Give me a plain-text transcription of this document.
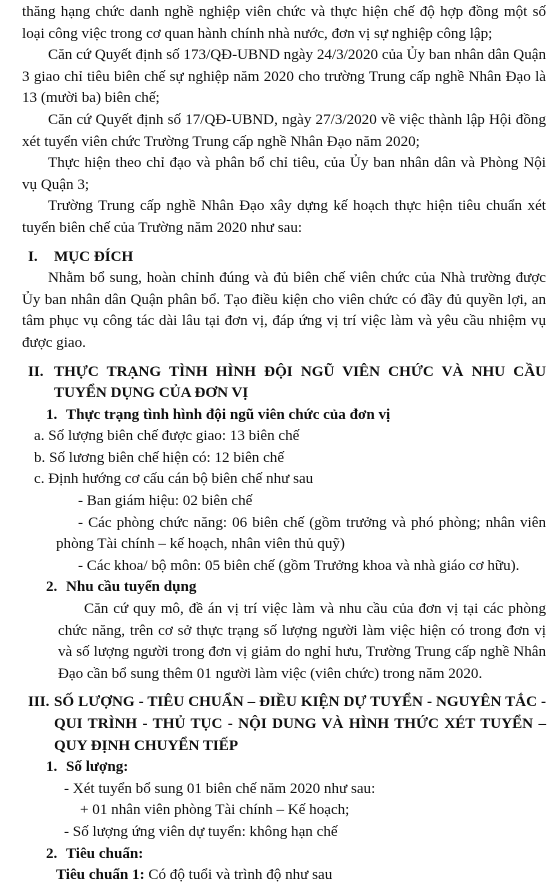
thăng hạng chức danh nghề nghiệp viên chức và thực hiện chế độ hợp đồng một số loại công việc trong cơ quan hành chính nhà nước, đơn vị sự nghiệp công lập;

Căn cứ Quyết định số 173/QĐ-UBND ngày 24/3/2020 của Ủy ban nhân dân Quận 3 giao chỉ tiêu biên chế sự nghiệp năm 2020 cho trường Trung cấp nghề Nhân Đạo là 13 (mười ba) biên chế;

Căn cứ Quyết định số 17/QĐ-UBND, ngày 27/3/2020 về việc thành lập Hội đồng xét tuyển viên chức Trường Trung cấp nghề Nhân Đạo năm 2020;

Thực hiện theo chỉ đạo và phân bổ chỉ tiêu, của Ủy ban nhân dân và Phòng Nội vụ Quận 3;

Trường Trung cấp nghề Nhân Đạo xây dựng kế hoạch thực hiện tiêu chuẩn xét tuyển biên chế của Trường năm 2020 như sau:

I.	MỤC ĐÍCH

Nhằm bổ sung, hoàn chỉnh đúng và đủ biên chế viên chức của Nhà trường được Ủy ban nhân dân Quận phân bổ. Tạo điều kiện cho viên chức có đầy đủ quyền lợi, an tâm phục vụ công tác dài lâu tại đơn vị, đáp ứng vị trí việc làm và yêu cầu nhiệm vụ được giao.

II. THỰC TRẠNG TÌNH HÌNH ĐỘI NGŨ VIÊN CHỨC VÀ NHU CẦU TUYỂN DỤNG CỦA ĐƠN VỊ

1. Thực trạng tình hình đội ngũ viên chức của đơn vị

a. Số lượng biên chế được giao: 13 biên chế

b. Số lương biên chế hiện có: 12 biên chế

c. Định hướng cơ cấu cán bộ biên chế như sau

- Ban giám hiệu: 02 biên chế

- Các phòng chức năng: 06 biên chế (gồm trưởng và phó phòng; nhân viên phòng Tài chính – kế hoạch, nhân viên thủ quỹ)

- Các khoa/ bộ môn: 05 biên chế (gồm Trưởng khoa và nhà giáo cơ hữu).

2. Nhu cầu tuyển dụng

Căn cứ quy mô, đề án vị trí việc làm và nhu cầu của đơn vị tại các phòng chức năng, trên cơ sở thực trạng số lượng người làm việc hiện có trong đơn vị và số lượng người trong đơn vị giảm do nghỉ hưu, Trường Trung cấp nghề Nhân Đạo cần bổ sung thêm 01 người làm việc (viên chức) trong năm 2020.

III. SỐ LƯỢNG - TIÊU CHUẨN – ĐIỀU KIỆN DỰ TUYỂN - NGUYÊN TẮC - QUI TRÌNH - THỦ TỤC - NỘI DUNG VÀ HÌNH THỨC XÉT TUYỂN – QUY ĐỊNH CHUYỂN TIẾP

1. Số lượng:

- Xét tuyển bổ sung 01 biên chế năm 2020 như sau:

+ 01 nhân viên phòng Tài chính – Kế hoạch;

- Số lượng ứng viên dự tuyển: không hạn chế

2. Tiêu chuẩn:

Tiêu chuẩn 1: Có độ tuổi và trình độ như sau
